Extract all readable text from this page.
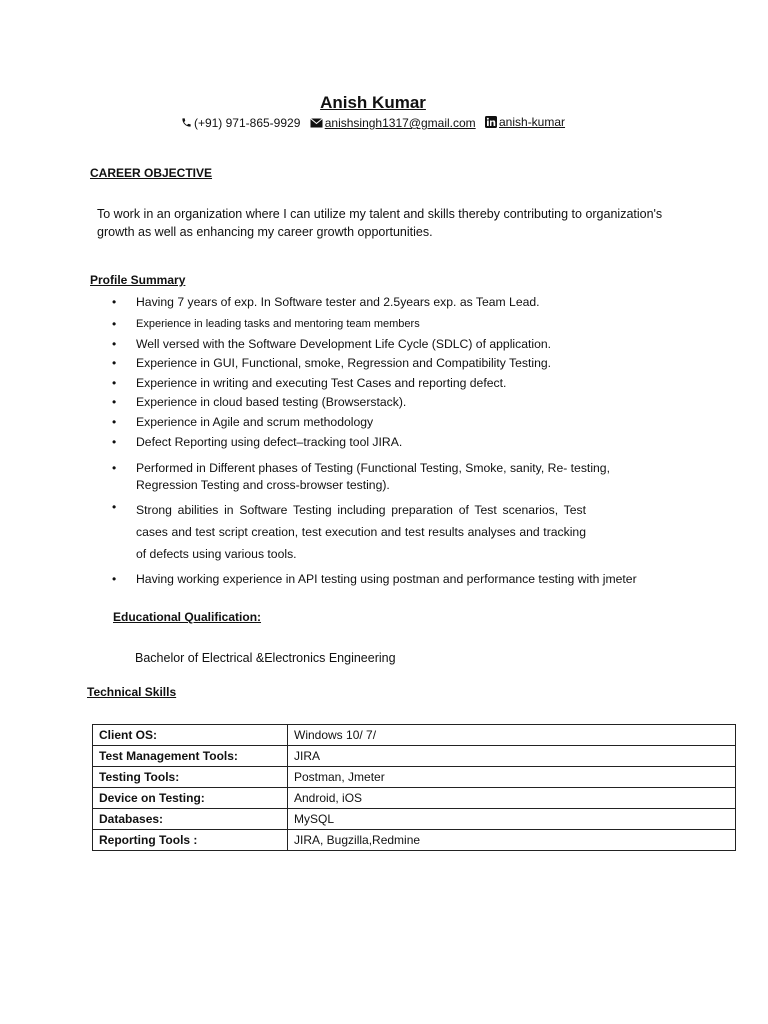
Anish Kumar
(+91) 971-865-9929
anishsingh1317@gmail.com
anish-kumar
CAREER OBJECTIVE
To work in an organization where I can utilize my talent and skills thereby contributing to organization's
growth as well as enhancing my career growth opportunities.
Profile Summary
•	Having 7 years of exp. In Software tester and 2.5years exp. as Team Lead.
•	Experience in leading tasks and mentoring team members
•	Well versed with the Software Development Life Cycle (SDLC) of application.
•	Experience in GUI, Functional, smoke, Regression and Compatibility Testing.
•	Experience in writing and executing Test Cases and reporting defect.
•	Experience in cloud based testing (Browserstack).
•	Experience in Agile and scrum methodology
•	Defect Reporting using defect–tracking tool JIRA.
•	Performed in Different phases of Testing (Functional Testing, Smoke, sanity, Re- testing, Regression Testing and cross-browser testing).
•	Strong abilities in Software Testing including preparation of Test scenarios, Test cases and test script creation, test execution and test results analyses and tracking of defects using various tools.
•	Having working experience in API testing using postman and performance testing with jmeter
Educational Qualification:
Bachelor of Electrical &Electronics Engineering
Technical Skills
Client OS:	Windows 10/ 7/
Test Management Tools:	JIRA
Testing Tools:	Postman, Jmeter
Device on Testing:	Android, iOS
Databases:	MySQL
Reporting Tools :	JIRA, Bugzilla,Redmine
